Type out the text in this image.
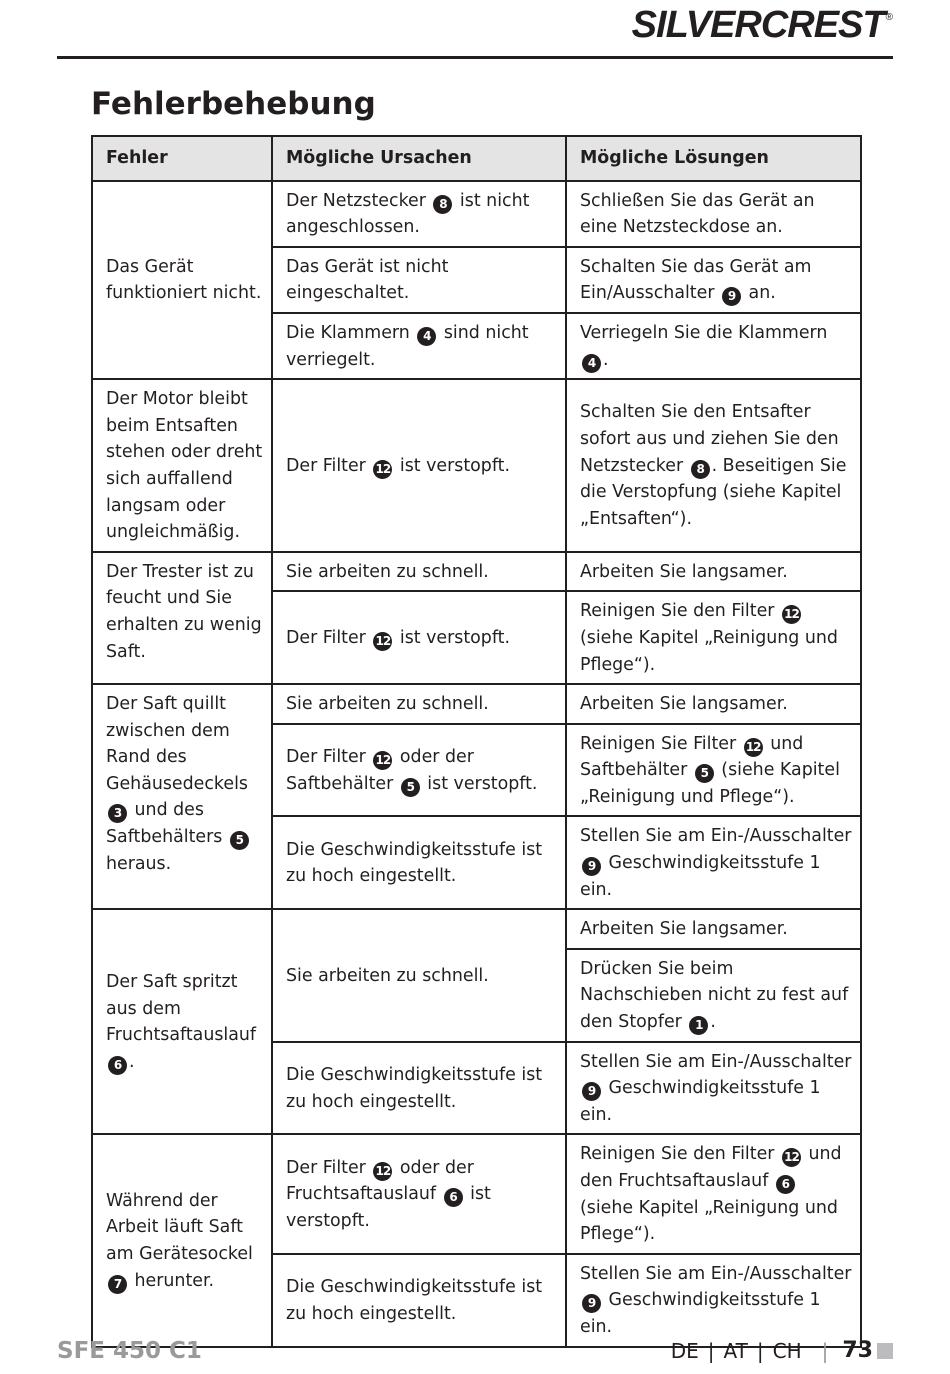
SILVERCREST®
Fehlerbehebung
Fehler	Mögliche Ursachen	Mögliche Lösungen
Das Gerät funktioniert nicht.	Der Netzstecker 8 ist nicht angeschlossen.	Schließen Sie das Gerät an eine Netzsteckdose an.
	Das Gerät ist nicht eingeschaltet.	Schalten Sie das Gerät am Ein/Ausschalter 9 an.
	Die Klammern 4 sind nicht verriegelt.	Verriegeln Sie die Klammern 4 .
Der Motor bleibt beim Entsaften stehen oder dreht sich auffallend langsam oder ungleichmäßig.	Der Filter 12 ist verstopft.	Schalten Sie den Entsafter sofort aus und ziehen Sie den Netzstecker 8 . Beseitigen Sie die Verstopfung (siehe Kapitel „Entsaften“).
Der Trester ist zu feucht und Sie erhalten zu wenig Saft.	Sie arbeiten zu schnell.	Arbeiten Sie langsamer.
	Der Filter 12 ist verstopft.	Reinigen Sie den Filter 12 (siehe Kapitel „Reinigung und Pflege“).
Der Saft quillt zwischen dem Rand des Gehäusedeckels 3 und des Saftbehälters 5 heraus.	Sie arbeiten zu schnell.	Arbeiten Sie langsamer.
	Der Filter 12 oder der Saftbehälter 5 ist verstopft.	Reinigen Sie Filter 12 und Saftbehälter 5 (siehe Kapitel „Reinigung und Pflege“).
	Die Geschwindigkeitsstufe ist zu hoch eingestellt.	Stellen Sie am Ein-/Ausschalter 9 Geschwindigkeitsstufe 1 ein.
Der Saft spritzt aus dem Fruchtsaftauslauf 6 .	Sie arbeiten zu schnell.	Arbeiten Sie langsamer.
		Drücken Sie beim Nachschieben nicht zu fest auf den Stopfer 1 .
	Die Geschwindigkeitsstufe ist zu hoch eingestellt.	Stellen Sie am Ein-/Ausschalter 9 Geschwindigkeitsstufe 1 ein.
Während der Arbeit läuft Saft am Gerätesockel 7 herunter.	Der Filter 12 oder der Fruchtsaftauslauf 6 ist verstopft.	Reinigen Sie den Filter 12 und den Fruchtsaftauslauf 6 (siehe Kapitel „Reinigung und Pflege“).
	Die Geschwindigkeitsstufe ist zu hoch eingestellt.	Stellen Sie am Ein-/Ausschalter 9 Geschwindigkeitsstufe 1 ein.
SFE 450 C1	DE | AT | CH | 73
